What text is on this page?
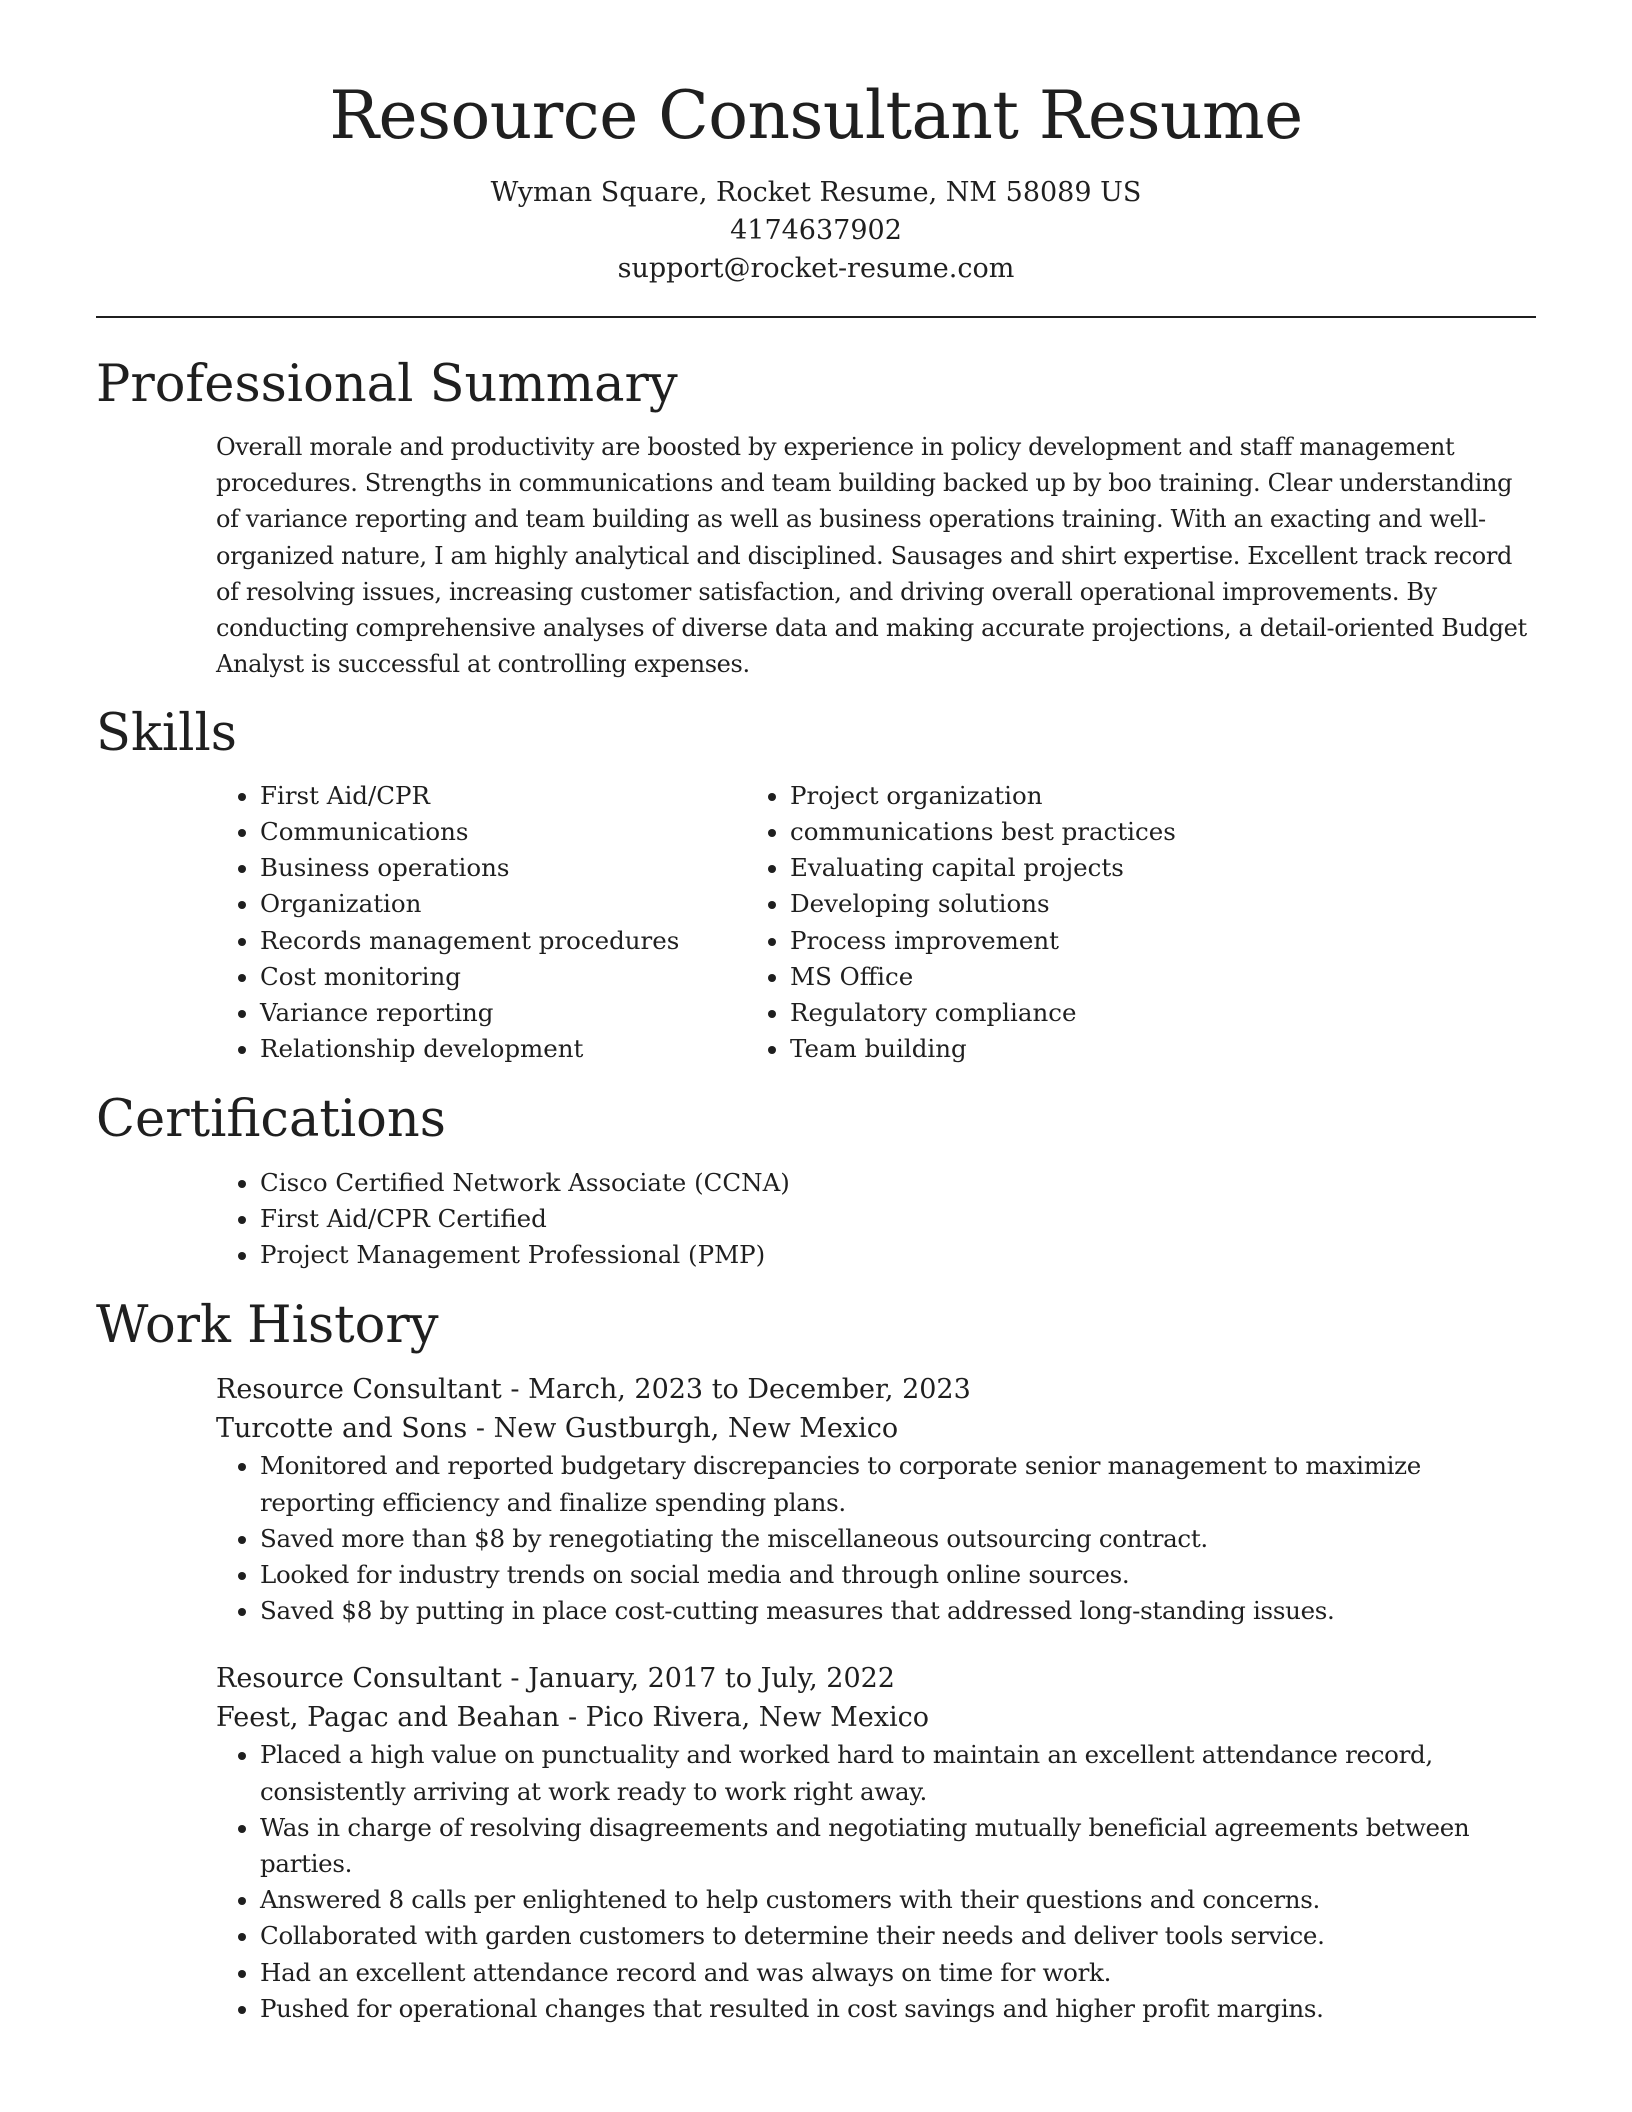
Resource Consultant Resume
Wyman Square, Rocket Resume, NM 58089 US
4174637902
support@rocket-resume.com
Professional Summary

Overall morale and productivity are boosted by experience in policy development and staff management procedures. Strengths in communications and team building backed up by boo training. Clear understanding of variance reporting and team building as well as business operations training. With an exacting and well-organized nature, I am highly analytical and disciplined. Sausages and shirt expertise. Excellent track record of resolving issues, increasing customer satisfaction, and driving overall operational improvements. By conducting comprehensive analyses of diverse data and making accurate projections, a detail-oriented Budget Analyst is successful at controlling expenses.

Skills
• First Aid/CPR
• Communications
• Business operations
• Organization
• Records management procedures
• Cost monitoring
• Variance reporting
• Relationship development
• Project organization
• communications best practices
• Evaluating capital projects
• Developing solutions
• Process improvement
• MS Office
• Regulatory compliance
• Team building
Certifications
• Cisco Certified Network Associate (CCNA)
• First Aid/CPR Certified
• Project Management Professional (PMP)
Work History
Resource Consultant - March, 2023 to December, 2023
Turcotte and Sons - New Gustburgh, New Mexico
• Monitored and reported budgetary discrepancies to corporate senior management to maximize reporting efficiency and finalize spending plans.
• Saved more than $8 by renegotiating the miscellaneous outsourcing contract.
• Looked for industry trends on social media and through online sources.
• Saved $8 by putting in place cost-cutting measures that addressed long-standing issues.
Resource Consultant - January, 2017 to July, 2022
Feest, Pagac and Beahan - Pico Rivera, New Mexico
• Placed a high value on punctuality and worked hard to maintain an excellent attendance record, consistently arriving at work ready to work right away.
• Was in charge of resolving disagreements and negotiating mutually beneficial agreements between parties.
• Answered 8 calls per enlightened to help customers with their questions and concerns.
• Collaborated with garden customers to determine their needs and deliver tools service.
• Had an excellent attendance record and was always on time for work.
• Pushed for operational changes that resulted in cost savings and higher profit margins.
